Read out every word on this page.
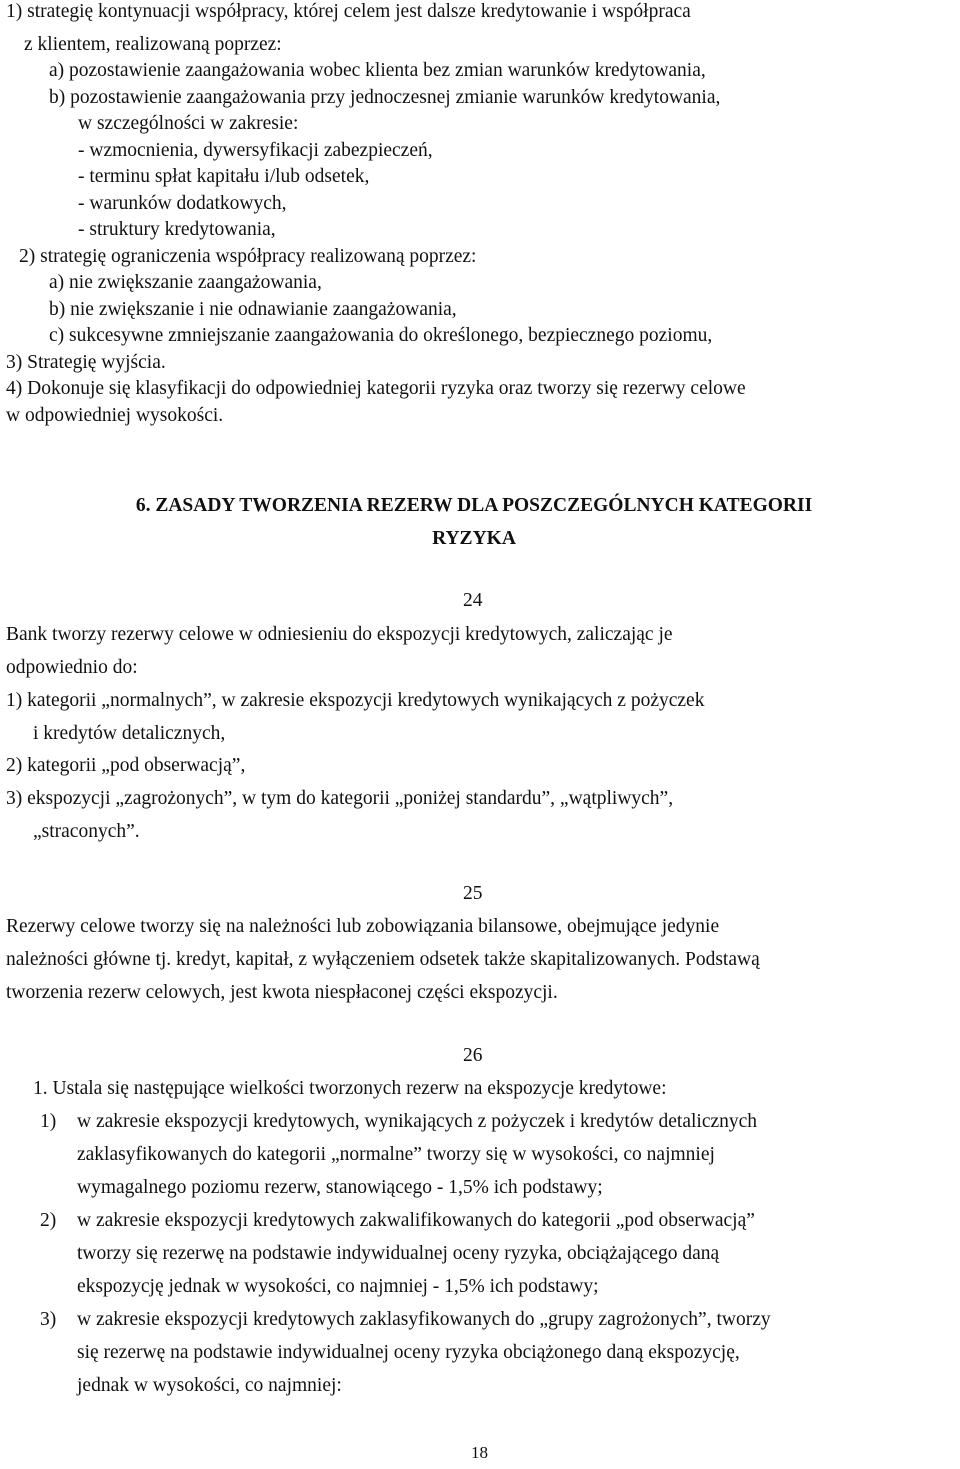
1) strategię kontynuacji współpracy, której celem jest dalsze kredytowanie i współpraca
z klientem, realizowaną poprzez:
a) pozostawienie zaangażowania wobec klienta bez zmian warunków kredytowania,
b) pozostawienie zaangażowania przy jednoczesnej zmianie warunków kredytowania,
w szczególności w zakresie:
- wzmocnienia, dywersyfikacji zabezpieczeń,
- terminu spłat kapitału i/lub odsetek,
- warunków dodatkowych,
- struktury kredytowania,
2) strategię ograniczenia współpracy realizowaną poprzez:
a) nie zwiększanie zaangażowania,
b) nie zwiększanie i nie odnawianie zaangażowania,
c) sukcesywne zmniejszanie zaangażowania do określonego, bezpiecznego poziomu,
3) Strategię wyjścia.
4) Dokonuje się klasyfikacji do odpowiedniej kategorii ryzyka oraz tworzy się rezerwy celowe
w odpowiedniej wysokości.
6. ZASADY TWORZENIA REZERW DLA POSZCZEGÓLNYCH KATEGORII
RYZYKA
24
Bank tworzy rezerwy celowe w odniesieniu do ekspozycji kredytowych, zaliczając je
odpowiednio do:
1) kategorii „normalnych”, w zakresie ekspozycji kredytowych wynikających z pożyczek
i kredytów detalicznych,
2) kategorii „pod obserwacją”,
3) ekspozycji „zagrożonych”, w tym do kategorii „poniżej standardu”, „wątpliwych”,
„straconych”.
25
Rezerwy celowe tworzy się na należności lub zobowiązania bilansowe, obejmujące jedynie
należności główne tj. kredyt, kapitał, z wyłączeniem odsetek także skapitalizowanych. Podstawą
tworzenia rezerw celowych, jest kwota niespłaconej części ekspozycji.
26
1. Ustala się następujące wielkości tworzonych rezerw na ekspozycje kredytowe:
1) w zakresie ekspozycji kredytowych, wynikających z pożyczek i kredytów detalicznych
zaklasyfikowanych do kategorii „normalne” tworzy się w wysokości, co najmniej
wymagalnego poziomu rezerw, stanowiącego - 1,5% ich podstawy;
2) w zakresie ekspozycji kredytowych zakwalifikowanych do kategorii „pod obserwacją”
tworzy się rezerwę na podstawie indywidualnej oceny ryzyka, obciążającego daną
ekspozycję jednak w wysokości, co najmniej - 1,5% ich podstawy;
3) w zakresie ekspozycji kredytowych zaklasyfikowanych do „grupy zagrożonych”, tworzy
się rezerwę na podstawie indywidualnej oceny ryzyka obciążonego daną ekspozycję,
jednak w wysokości, co najmniej:
18
